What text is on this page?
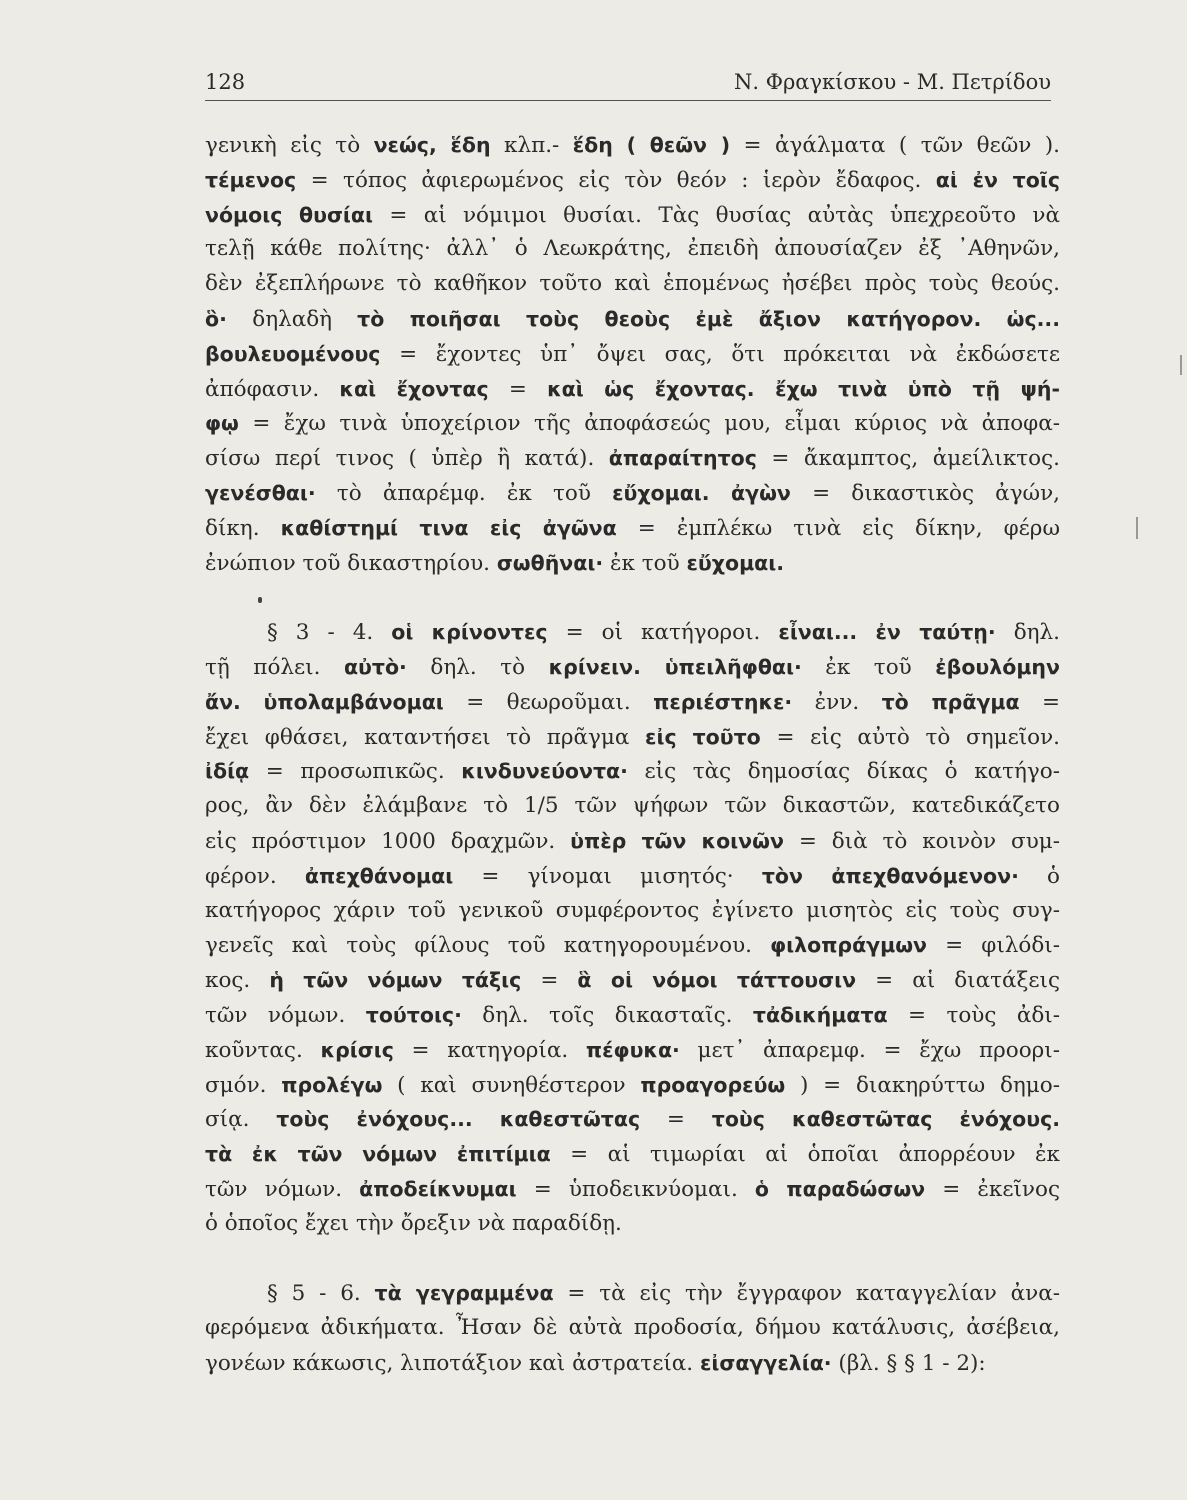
128	Ν. Φραγκίσκου - Μ. Πετρίδου
γενικὴ εἰς τὸ νεώς, ἕδη κλπ.- ἕδη ( θεῶν ) = ἀγάλματα ( τῶν θεῶν ).
τέμενος = τόπος ἀφιερωμένος εἰς τὸν θεόν : ἱερὸν ἔδαφος. αἱ ἐν τοῖς
νόμοις θυσίαι = αἱ νόμιμοι θυσίαι. Τὰς θυσίας αὐτὰς ὑπεχρεοῦτο νὰ
τελῇ κάθε πολίτης· ἀλλ᾽ ὁ Λεωκράτης, ἐπειδὴ ἀπουσίαζεν ἐξ ᾽Αθηνῶν,
δὲν ἐξεπλήρωνε τὸ καθῆκον τοῦτο καὶ ἑπομένως ἠσέβει πρὸς τοὺς θεούς.
ὃ· δηλαδὴ τὸ ποιῆσαι τοὺς θεοὺς ἐμὲ ἄξιον κατήγορον. ὡς...
βουλευομένους = ἔχοντες ὑπ᾽ ὄψει σας, ὅτι πρόκειται νὰ ἐκδώσετε
ἀπόφασιν. καὶ ἔχοντας = καὶ ὡς ἔχοντας. ἔχω τινὰ ὑπὸ τῇ ψή-
φῳ = ἔχω τινὰ ὑποχείριον τῆς ἀποφάσεώς μου, εἶμαι κύριος νὰ ἀποφα-
σίσω περί τινος ( ὑπὲρ ἢ κατά). ἀπαραίτητος = ἄκαμπτος, ἀμείλικτος.
γενέσθαι· τὸ ἀπαρέμφ. ἐκ τοῦ εὔχομαι. ἀγὼν = δικαστικὸς ἀγών,
δίκη. καθίστημί τινα εἰς ἀγῶνα = ἐμπλέκω τινὰ εἰς δίκην, φέρω
ἐνώπιον τοῦ δικαστηρίου. σωθῆναι· ἐκ τοῦ εὔχομαι.
§ 3 - 4. οἱ κρίνοντες = οἱ κατήγοροι. εἶναι... ἐν ταύτῃ· δηλ.
τῇ πόλει. αὐτὸ· δηλ. τὸ κρίνειν. ὑπειλῆφθαι· ἐκ τοῦ ἐβουλόμην
ἄν. ὑπολαμβάνομαι = θεωροῦμαι. περιέστηκε· ἐνν. τὸ πρᾶγμα =
ἔχει φθάσει, καταντήσει τὸ πρᾶγμα εἰς τοῦτο = εἰς αὐτὸ τὸ σημεῖον.
ἰδίᾳ = προσωπικῶς. κινδυνεύοντα· εἰς τὰς δημοσίας δίκας ὁ κατήγο-
ρος, ἂν δὲν ἐλάμβανε τὸ 1/5 τῶν ψήφων τῶν δικαστῶν, κατεδικάζετο
εἰς πρόστιμον 1000 δραχμῶν. ὑπὲρ τῶν κοινῶν = διὰ τὸ κοινὸν συμ-
φέρον. ἀπεχθάνομαι = γίνομαι μισητός· τὸν ἀπεχθανόμενον· ὁ
κατήγορος χάριν τοῦ γενικοῦ συμφέροντος ἐγίνετο μισητὸς εἰς τοὺς συγ-
γενεῖς καὶ τοὺς φίλους τοῦ κατηγορουμένου. φιλοπράγμων = φιλόδι-
κος. ἡ τῶν νόμων τάξις = ἃ οἱ νόμοι τάττουσιν = αἱ διατάξεις
τῶν νόμων. τούτοις· δηλ. τοῖς δικασταῖς. τἀδικήματα = τοὺς ἀδι-
κοῦντας. κρίσις = κατηγορία. πέφυκα· μετ᾽ ἀπαρεμφ. = ἔχω προορι-
σμόν. προλέγω ( καὶ συνηθέστερον προαγορεύω ) = διακηρύττω δημο-
σίᾳ. τοὺς ἐνόχους... καθεστῶτας = τοὺς καθεστῶτας ἐνόχους.
τὰ ἐκ τῶν νόμων ἐπιτίμια = αἱ τιμωρίαι αἱ ὁποῖαι ἀπορρέουν ἐκ
τῶν νόμων. ἀποδείκνυμαι = ὑποδεικνύομαι. ὁ παραδώσων = ἐκεῖνος
ὁ ὁποῖος ἔχει τὴν ὄρεξιν νὰ παραδίδῃ.
§ 5 - 6. τὰ γεγραμμένα = τὰ εἰς τὴν ἔγγραφον καταγγελίαν ἀνα-
φερόμενα ἀδικήματα. Ἦσαν δὲ αὐτὰ προδοσία, δήμου κατάλυσις, ἀσέβεια,
γονέων κάκωσις, λιποτάξιον καὶ ἀστρατεία. εἰσαγγελία· (βλ. § § 1 - 2):
